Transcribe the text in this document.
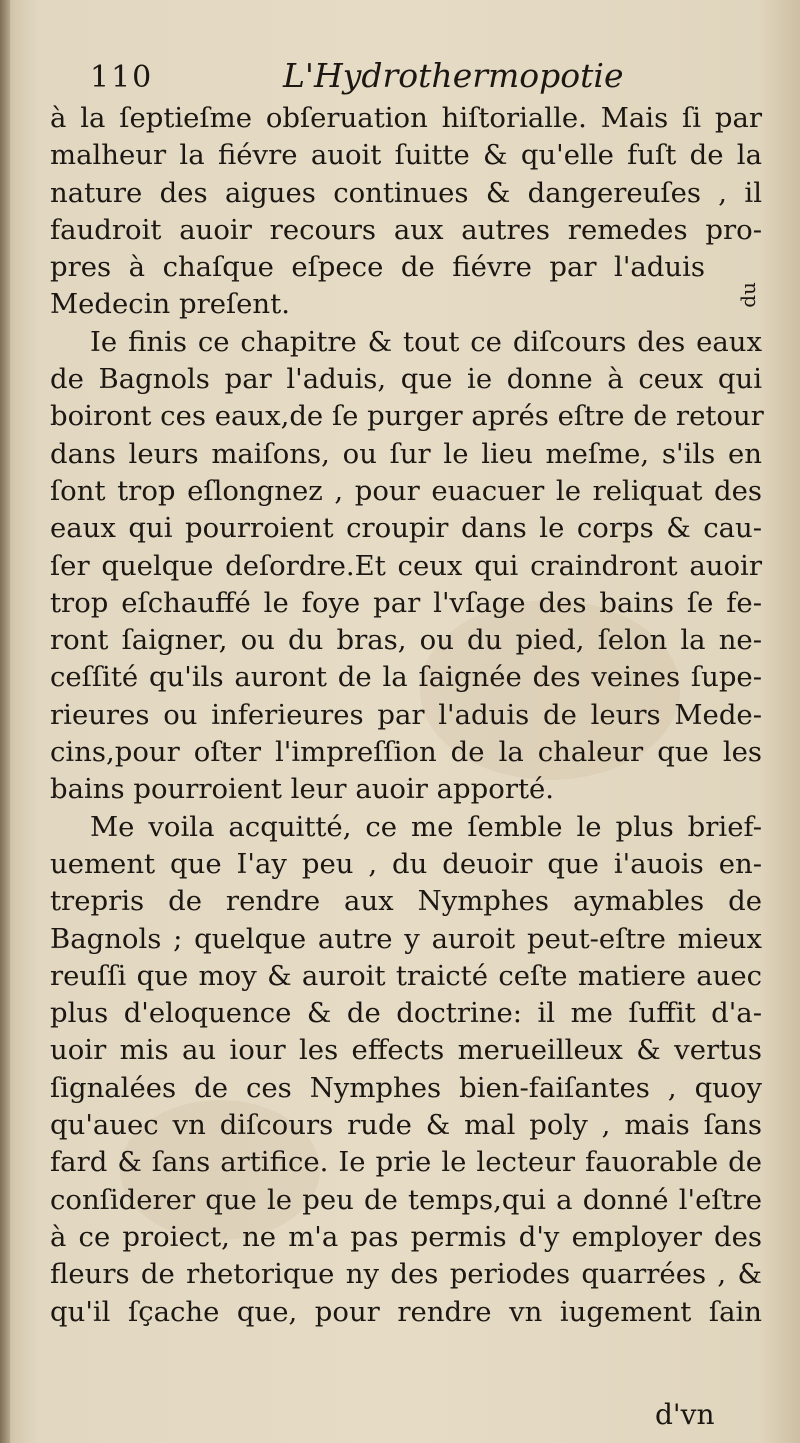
110	L'Hydrothermopotie
du
à la ſeptieſme obſeruation hiſtorialle. Mais ſi par
malheur la fiévre auoit ſuitte & qu'elle fuſt de la
nature des aigues continues & dangereuſes , il
faudroit auoir recours aux autres remedes pro-
pres à chaſque eſpece de fiévre par l'aduis
Medecin preſent.
Ie finis ce chapitre & tout ce diſcours des eaux
de Bagnols par l'aduis, que ie donne à ceux qui
boiront ces eaux,de ſe purger aprés eſtre de retour
dans leurs maiſons, ou ſur le lieu meſme, s'ils en
ſont trop eſlongnez , pour euacuer le reliquat des
eaux qui pourroient croupir dans le corps & cau-
ſer quelque deſordre.Et ceux qui craindront auoir
trop eſchauffé le foye par l'vſage des bains ſe fe-
ront ſaigner, ou du bras, ou du pied, ſelon la ne-
ceſſité qu'ils auront de la ſaignée des veines ſupe-
rieures ou inferieures par l'aduis de leurs Mede-
cins,pour oſter l'impreſſion de la chaleur que les
bains pourroient leur auoir apporté.
Me voila acquitté, ce me ſemble le plus brief-
uement que I'ay peu , du deuoir que i'auois en-
trepris de rendre aux Nymphes aymables de
Bagnols ; quelque autre y auroit peut-eſtre mieux
reuſſi que moy & auroit traicté ceſte matiere auec
plus d'eloquence & de doctrine: il me ſuffit d'a-
uoir mis au iour les effects merueilleux & vertus
ſignalées de ces Nymphes bien-faiſantes , quoy
qu'auec vn diſcours rude & mal poly , mais ſans
fard & ſans artifice. Ie prie le lecteur fauorable de
conſiderer que le peu de temps,qui a donné l'eſtre
à ce proiect, ne m'a pas permis d'y employer des
fleurs de rhetorique ny des periodes quarrées , &
qu'il ſçache que, pour rendre vn iugement ſain
d'vn
